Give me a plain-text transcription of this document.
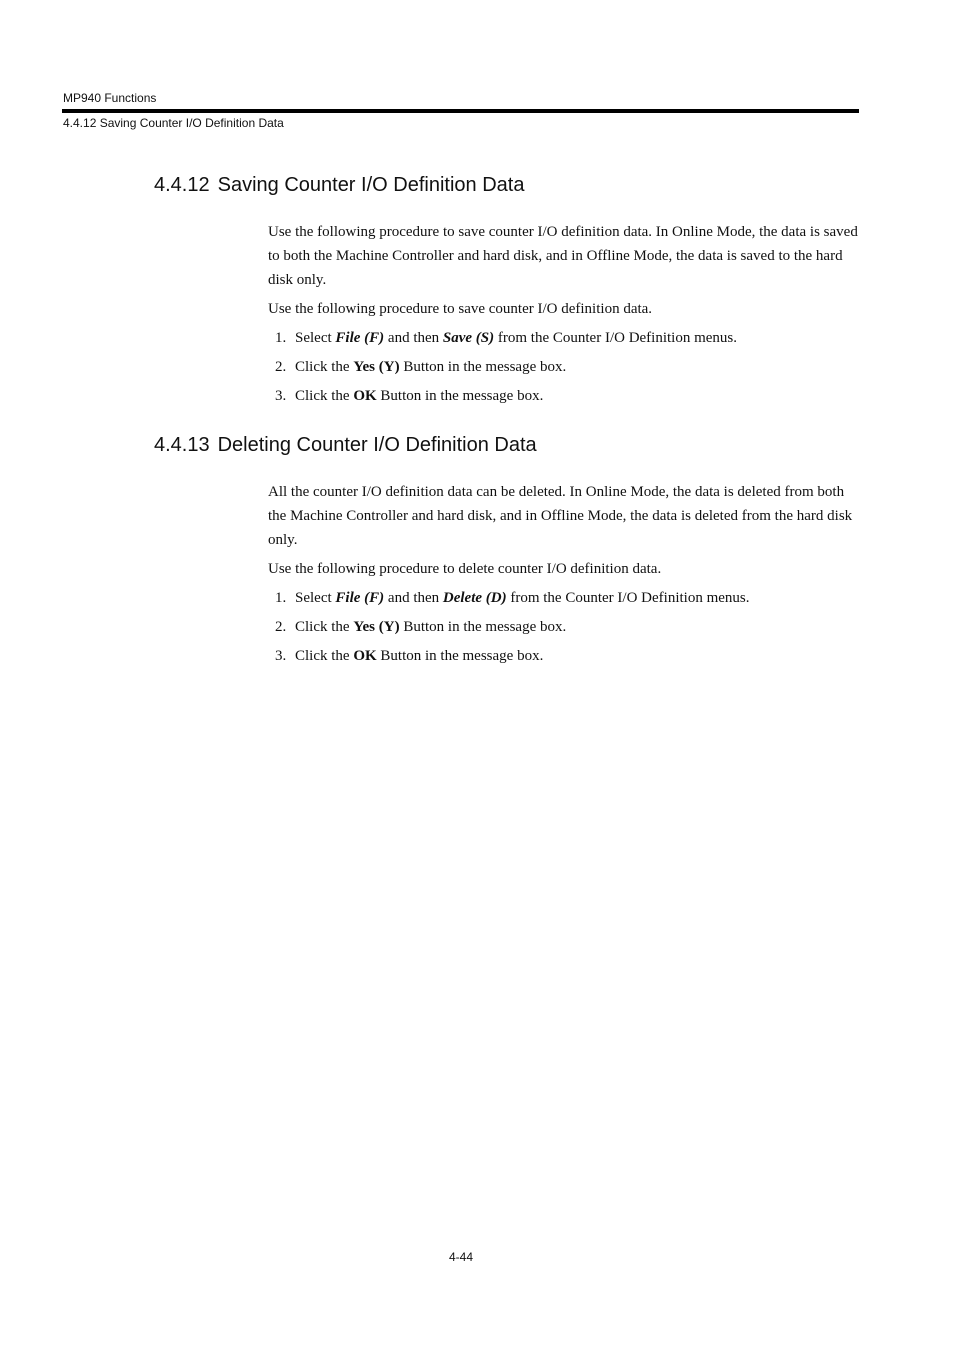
MP940 Functions
4.4.12 Saving Counter I/O Definition Data
4.4.12 Saving Counter I/O Definition Data

Use the following procedure to save counter I/O definition data. In Online Mode, the data is saved to both the Machine Controller and hard disk, and in Offline Mode, the data is saved to the hard disk only.

Use the following procedure to save counter I/O definition data.

1. Select File (F) and then Save (S) from the Counter I/O Definition menus.
2. Click the Yes (Y) Button in the message box.
3. Click the OK Button in the message box.
4.4.13 Deleting Counter I/O Definition Data

All the counter I/O definition data can be deleted. In Online Mode, the data is deleted from both the Machine Controller and hard disk, and in Offline Mode, the data is deleted from the hard disk only.

Use the following procedure to delete counter I/O definition data.

1. Select File (F) and then Delete (D) from the Counter I/O Definition menus.
2. Click the Yes (Y) Button in the message box.
3. Click the OK Button in the message box.
4-44
